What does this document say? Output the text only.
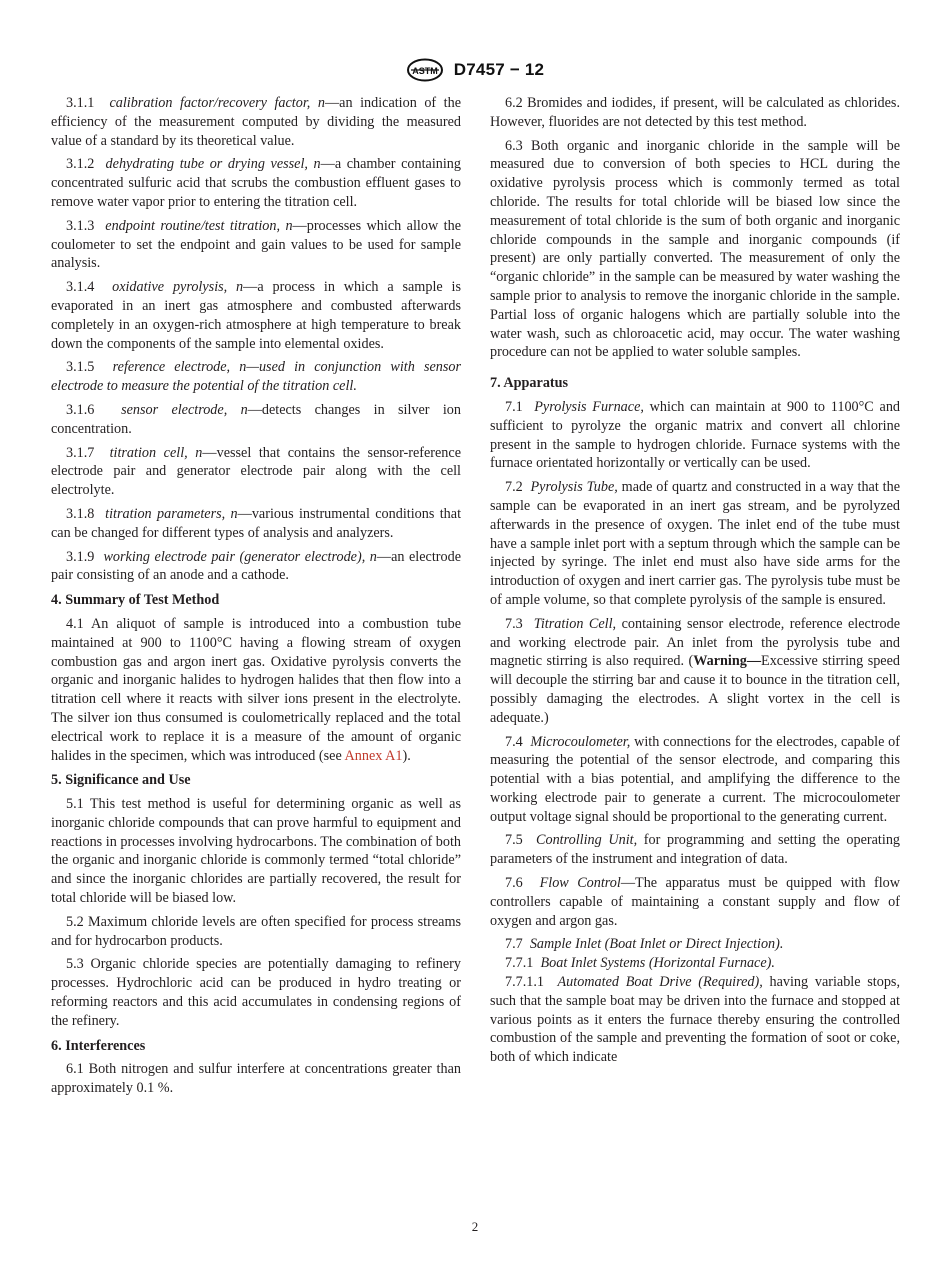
ASTM D7457 − 12

3.1.1 calibration factor/recovery factor, n—an indication of the efficiency of the measurement computed by dividing the measured value of a standard by its theoretical value.

3.1.2 dehydrating tube or drying vessel, n—a chamber containing concentrated sulfuric acid that scrubs the combustion effluent gases to remove water vapor prior to entering the titration cell.

3.1.3 endpoint routine/test titration, n—processes which allow the coulometer to set the endpoint and gain values to be used for sample analysis.

3.1.4 oxidative pyrolysis, n—a process in which a sample is evaporated in an inert gas atmosphere and combusted afterwards completely in an oxygen-rich atmosphere at high temperature to break down the components of the sample into elemental oxides.

3.1.5 reference electrode, n—used in conjunction with sensor electrode to measure the potential of the titration cell.

3.1.6 sensor electrode, n—detects changes in silver ion concentration.

3.1.7 titration cell, n—vessel that contains the sensor-reference electrode pair and generator electrode pair along with the cell electrolyte.

3.1.8 titration parameters, n—various instrumental conditions that can be changed for different types of analysis and analyzers.

3.1.9 working electrode pair (generator electrode), n—an electrode pair consisting of an anode and a cathode.

4. Summary of Test Method

4.1 An aliquot of sample is introduced into a combustion tube maintained at 900 to 1100°C having a flowing stream of oxygen combustion gas and argon inert gas. Oxidative pyrolysis converts the organic and inorganic halides to hydrogen halides that then flow into a titration cell where it reacts with silver ions present in the electrolyte. The silver ion thus consumed is coulometrically replaced and the total electrical work to replace it is a measure of the amount of organic halides in the specimen, which was introduced (see Annex A1).

5. Significance and Use

5.1 This test method is useful for determining organic as well as inorganic chloride compounds that can prove harmful to equipment and reactions in processes involving hydrocarbons. The combination of both the organic and inorganic chloride is commonly termed “total chloride” and since the inorganic chlorides are partially recovered, the result for total chloride will be biased low.

5.2 Maximum chloride levels are often specified for process streams and for hydrocarbon products.

5.3 Organic chloride species are potentially damaging to refinery processes. Hydrochloric acid can be produced in hydro treating or reforming reactors and this acid accumulates in condensing regions of the refinery.

6. Interferences

6.1 Both nitrogen and sulfur interfere at concentrations greater than approximately 0.1 %.

6.2 Bromides and iodides, if present, will be calculated as chlorides. However, fluorides are not detected by this test method.

6.3 Both organic and inorganic chloride in the sample will be measured due to conversion of both species to HCL during the oxidative pyrolysis process which is commonly termed as total chloride. The results for total chloride will be biased low since the measurement of total chloride is the sum of both organic and inorganic chloride compounds in the sample and inorganic compounds (if present) are only partially converted. The measurement of only the “organic chloride” in the sample can be measured by water washing the sample prior to analysis to remove the inorganic chloride in the sample. Partial loss of organic halogens which are partially soluble into the water wash, such as chloroacetic acid, may occur. The water washing procedure can not be applied to water soluble samples.

7. Apparatus

7.1 Pyrolysis Furnace, which can maintain at 900 to 1100°C and sufficient to pyrolyze the organic matrix and convert all chlorine present in the sample to hydrogen chloride. Furnace systems with the furnace orientated horizontally or vertically can be used.

7.2 Pyrolysis Tube, made of quartz and constructed in a way that the sample can be evaporated in an inert gas stream, and be pyrolyzed afterwards in the presence of oxygen. The inlet end of the tube must have a sample inlet port with a septum through which the sample can be injected by syringe. The inlet end must also have side arms for the introduction of oxygen and inert carrier gas. The pyrolysis tube must be of ample volume, so that complete pyrolysis of the sample is ensured.

7.3 Titration Cell, containing sensor electrode, reference electrode and working electrode pair. An inlet from the pyrolysis tube and magnetic stirring is also required. (Warning—Excessive stirring speed will decouple the stirring bar and cause it to bounce in the titration cell, possibly damaging the electrodes. A slight vortex in the cell is adequate.)

7.4 Microcoulometer, with connections for the electrodes, capable of measuring the potential of the sensor electrode, and comparing this potential with a bias potential, and amplifying the difference to the working electrode pair to generate a current. The microcoulometer output voltage signal should be proportional to the generating current.

7.5 Controlling Unit, for programming and setting the operating parameters of the instrument and integration of data.

7.6 Flow Control—The apparatus must be quipped with flow controllers capable of maintaining a constant supply and flow of oxygen and argon gas.

7.7 Sample Inlet (Boat Inlet or Direct Injection).

7.7.1 Boat Inlet Systems (Horizontal Furnace).

7.7.1.1 Automated Boat Drive (Required), having variable stops, such that the sample boat may be driven into the furnace and stopped at various points as it enters the furnace thereby ensuring the controlled combustion of the sample and preventing the formation of soot or coke, both of which indicate

2
